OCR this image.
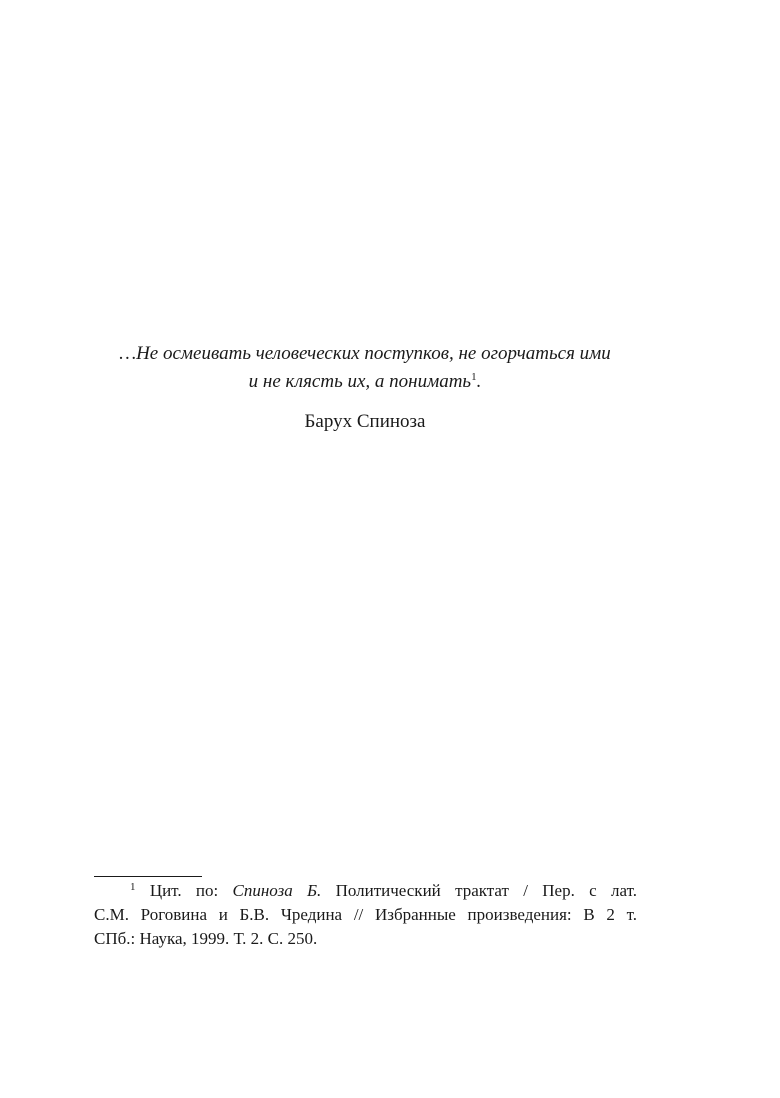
…Не осмеивать человеческих поступков, не огорчаться ими
и не клясть их, а понимать$^1$.

Барух Спиноза
$^1$ Цит. по: Спиноза Б. Политический трактат / Пер. с лат.
С.М. Роговина и Б.В. Чредина // Избранные произведения: В 2 т.
СПб.: Наука, 1999. Т. 2. С. 250.
